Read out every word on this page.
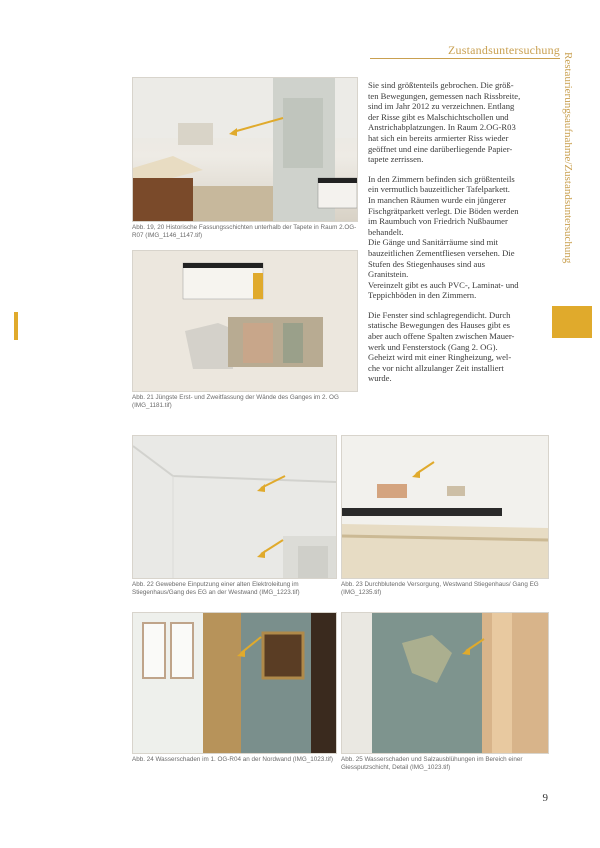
Zustandsuntersuchung
Restaurierungsaufnahme/Zustandsuntersuchung
Abb. 19, 20 Historische Fassungsschichten unterhalb der Tapete in Raum 2.OG-R07 (IMG_1146_1147.tif)
Abb. 21 Jüngste Erst- und Zweitfassung der Wände des Ganges im 2. OG (IMG_1181.tif)

Sie sind größtenteils gebrochen. Die größ-
ten Bewegungen, gemessen nach Rissbreite,
sind im Jahr 2012 zu verzeichnen. Entlang
der Risse gibt es Malschichtschollen und
Anstrichabplatzungen. In Raum 2.OG-R03
hat sich ein bereits armierter Riss wieder
geöffnet und eine darüberliegende Papier-
tapete zerrissen.

In den Zimmern befinden sich größtenteils
ein vermutlich bauzeitlicher Tafelparkett.
In manchen Räumen wurde ein jüngerer
Fischgrätparkett verlegt. Die Böden werden
im Raumbuch von Friedrich Nußbaumer
behandelt.
Die Gänge und Sanitärräume sind mit
bauzeitlichen Zementfliesen versehen. Die
Stufen des Stiegenhauses sind aus
Granitstein.
Vereinzelt gibt es auch PVC-, Laminat- und
Teppichböden in den Zimmern.

Die Fenster sind schlagregendicht. Durch
statische Bewegungen des Hauses gibt es
aber auch offene Spalten zwischen Mauer-
werk und Fensterstock (Gang 2. OG).
Geheizt wird mit einer Ringheizung, wel-
che vor nicht allzulanger Zeit installiert
wurde.

Abb. 22 Gewebene Einputzung einer alten Elektroleitung im Stiegenhaus/Gang des EG an der Westwand (IMG_1223.tif)
Abb. 23 Durchblutende Versorgung, Westwand Stiegenhaus/ Gang EG (IMG_1235.tif)
Abb. 24 Wasserschaden im 1. OG-R04 an der Nordwand (IMG_1023.tif)	Abb. 25 Wasserschaden und Salzausblühungen im Bereich einer Giessputzschicht, Detail (IMG_1023.tif)
9
